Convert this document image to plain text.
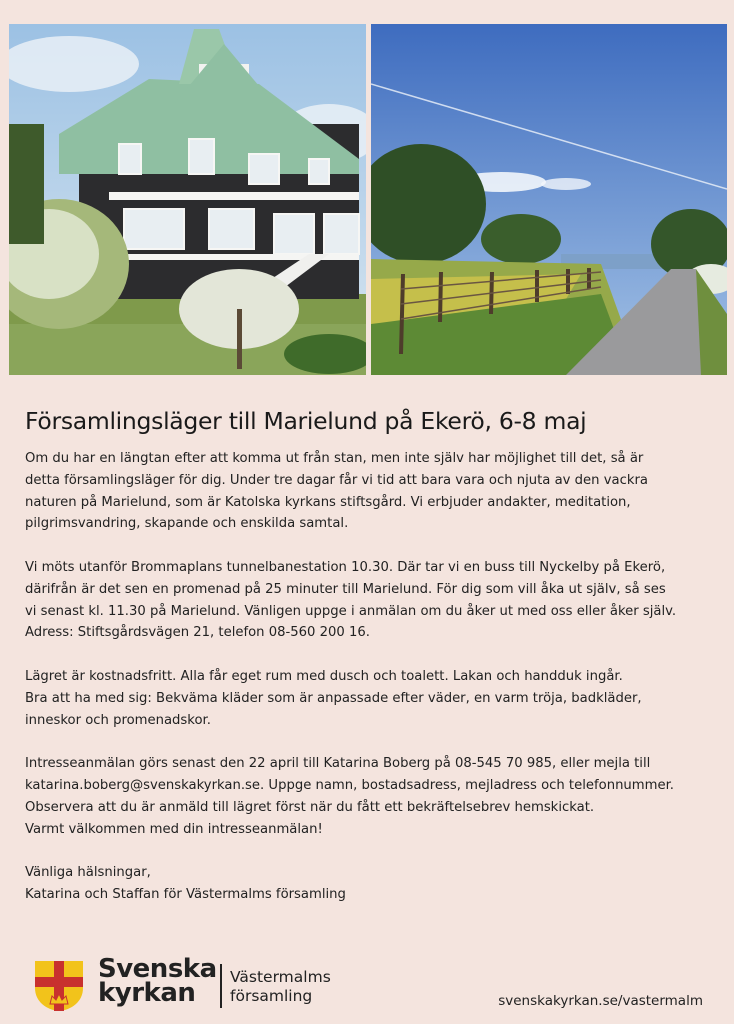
Församlingsläger till Marielund på Ekerö, 6-8 maj

Om du har en längtan efter att komma ut från stan, men inte själv har möjlighet till det, så är
detta församlingsläger för dig. Under tre dagar får vi tid att bara vara och njuta av den vackra
naturen på Marielund, som är Katolska kyrkans stiftsgård. Vi erbjuder andakter, meditation,
pilgrimsvandring, skapande och enskilda samtal.

Vi möts utanför Brommaplans tunnelbanestation 10.30. Där tar vi en buss till Nyckelby på Ekerö,
därifrån är det sen en promenad på 25 minuter till Marielund. För dig som vill åka ut själv, så ses
vi senast kl. 11.30 på Marielund. Vänligen uppge i anmälan om du åker ut med oss eller åker själv.
Adress: Stiftsgårdsvägen 21, telefon 08-560 200 16.

Lägret är kostnadsfritt. Alla får eget rum med dusch och toalett. Lakan och handduk ingår.
Bra att ha med sig: Bekväma kläder som är anpassade efter väder, en varm tröja, badkläder,
inneskor och promenadskor.

Intresseanmälan görs senast den 22 april till Katarina Boberg på 08-545 70 985, eller mejla till
katarina.boberg@svenskakyrkan.se. Uppge namn, bostadsadress, mejladress och telefonnummer.
Observera att du är anmäld till lägret först när du fått ett bekräftelsebrev hemskickat.
Varmt välkommen med din intresseanmälan!

Vänliga hälsningar,
Katarina och Staffan för Västermalms församling

Svenska
kyrkan
Västermalms
församling	svenskakyrkan.se/vastermalm
